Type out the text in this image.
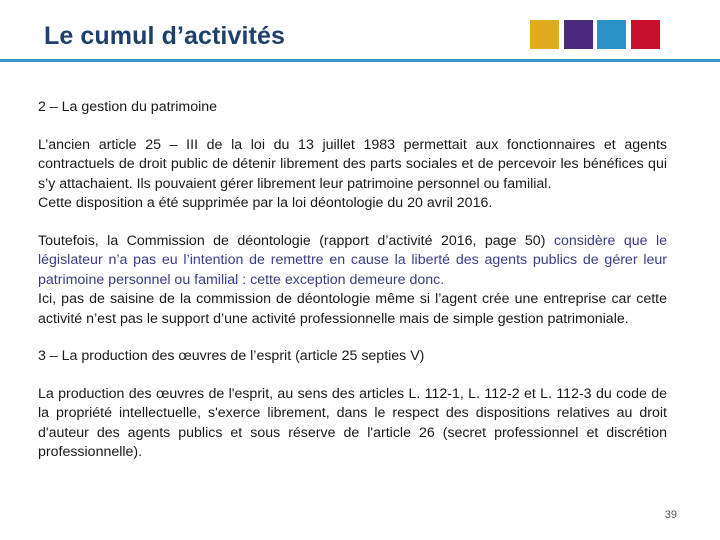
Le cumul d’activités

2 – La gestion du patrimoine

L’ancien article 25 – III de la loi du 13 juillet 1983 permettait aux fonctionnaires et agents contractuels de droit public de détenir librement des parts sociales et de percevoir les bénéfices qui s’y attachaient. Ils pouvaient gérer librement leur patrimoine personnel ou familial.

Cette disposition a été supprimée par la loi déontologie du 20 avril 2016.

Toutefois, la Commission de déontologie (rapport d’activité 2016, page 50) considère que le législateur n’a pas eu l’intention de remettre en cause la liberté des agents publics de gérer leur patrimoine personnel ou familial : cette exception demeure donc.

Ici, pas de saisine de la commission de déontologie même si l’agent crée une entreprise car cette activité n’est pas le support d’une activité professionnelle mais de simple gestion patrimoniale.

3 – La production des œuvres de l’esprit (article 25 septies V)

La production des œuvres de l'esprit, au sens des articles L. 112-1, L. 112-2 et L. 112-3 du code de la propriété intellectuelle, s'exerce librement, dans le respect des dispositions relatives au droit d'auteur des agents publics et sous réserve de l'article 26 (secret professionnel et discrétion professionnelle).

39
